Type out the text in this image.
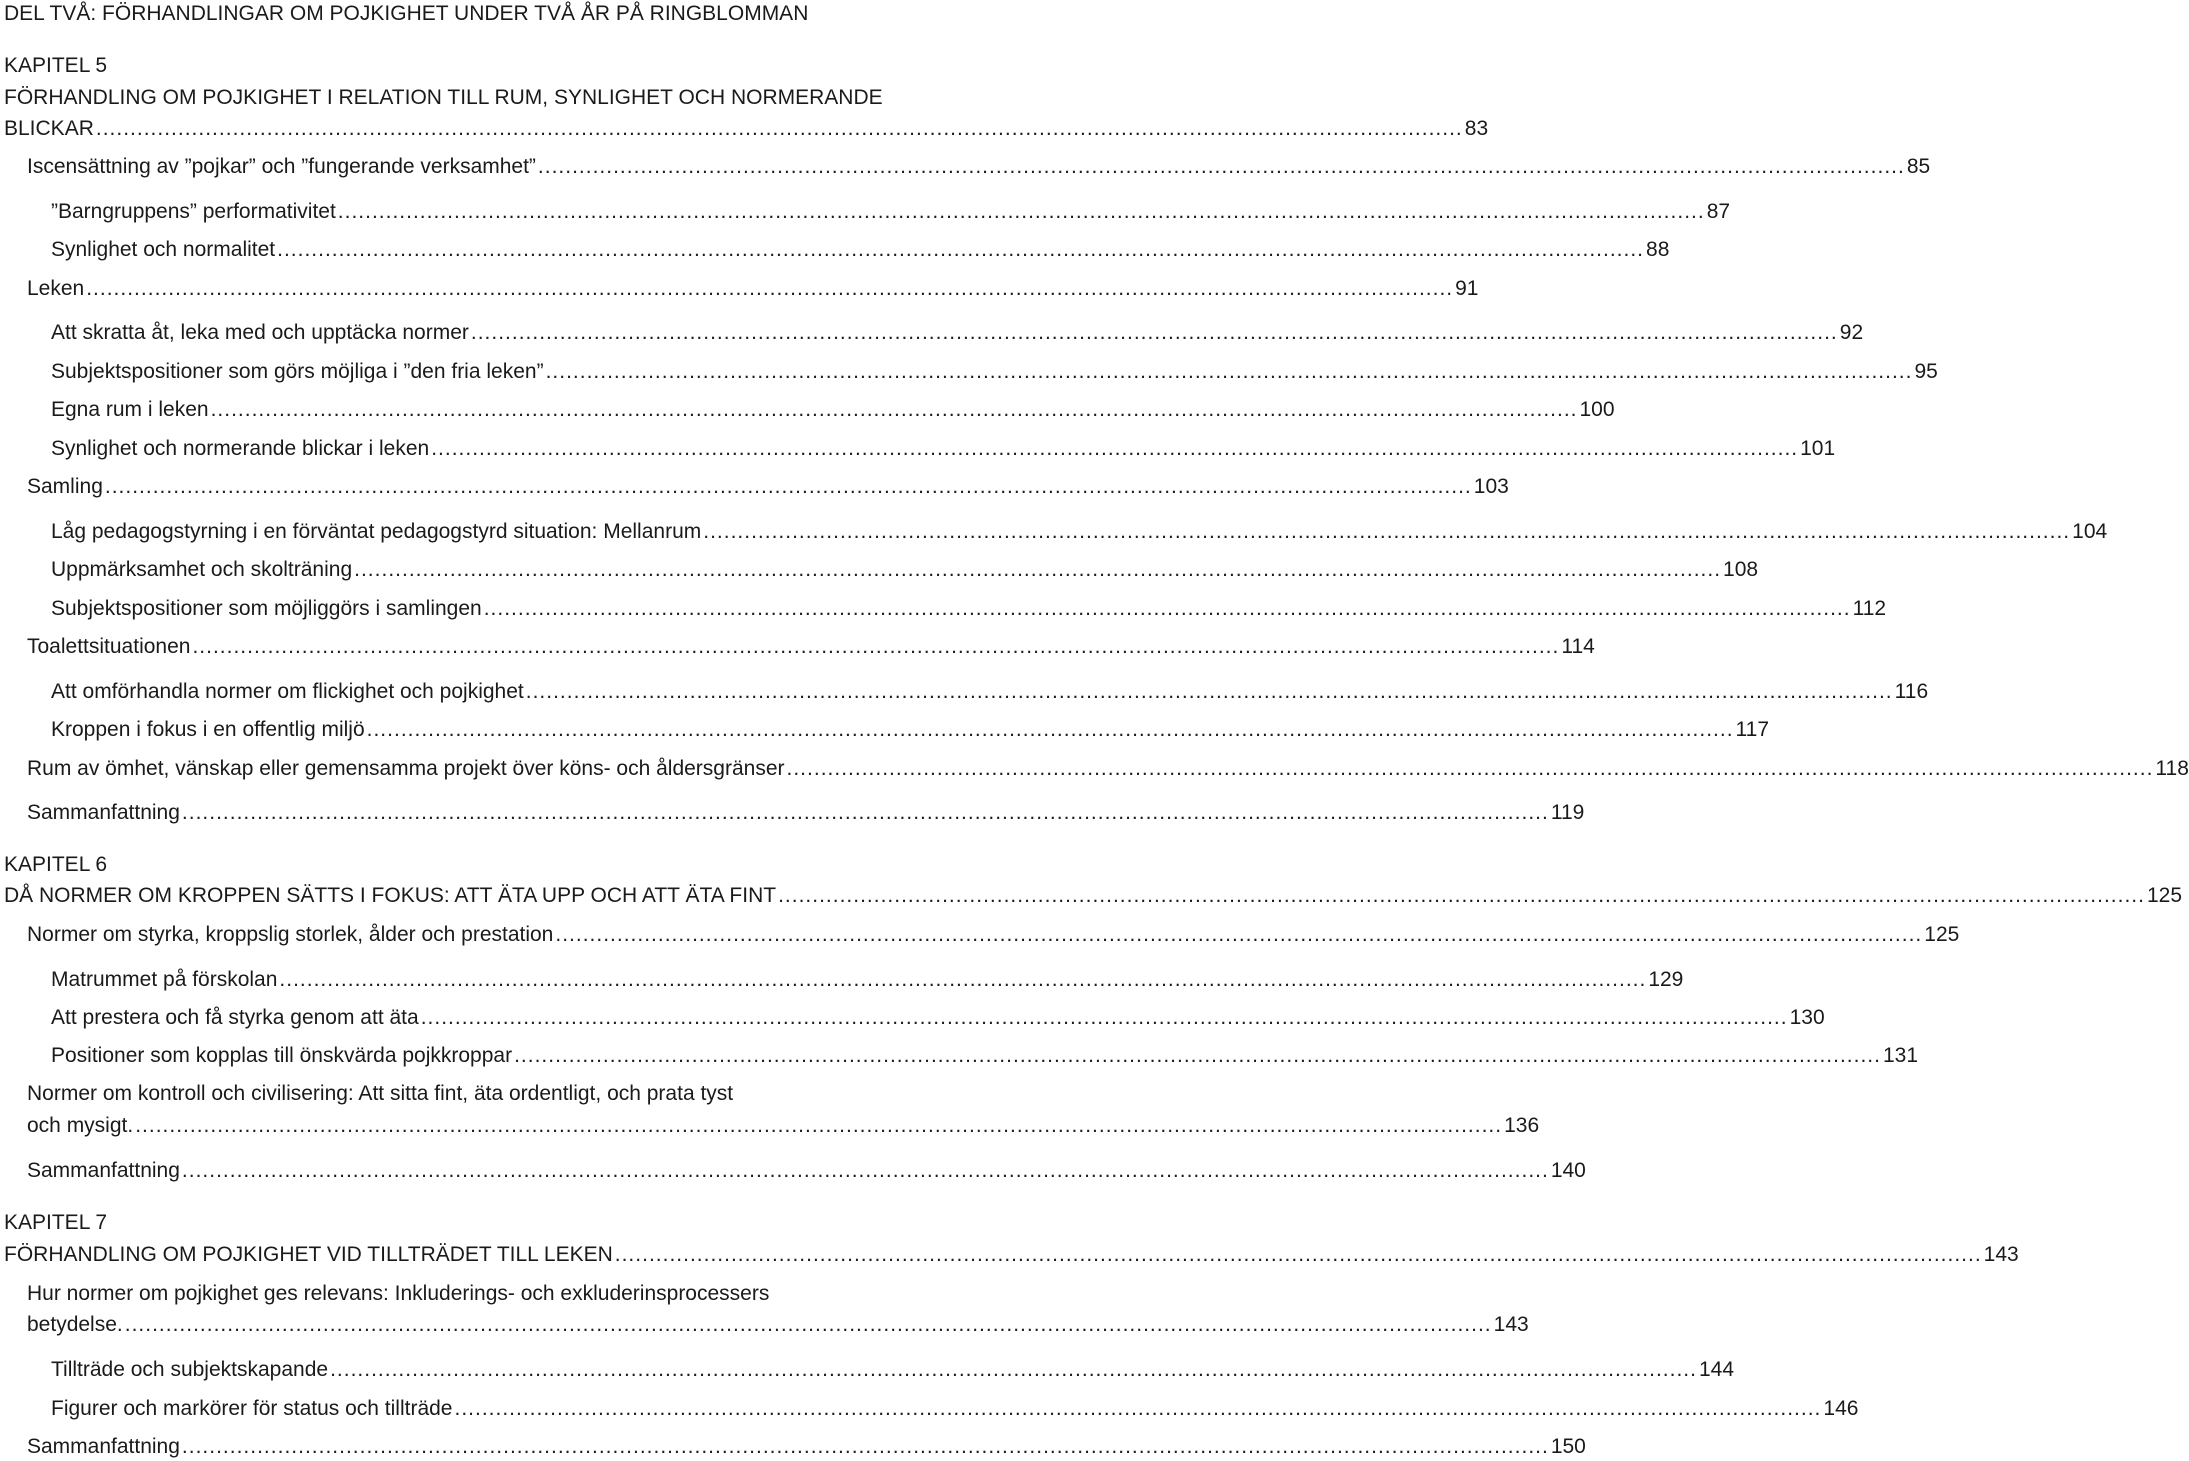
DEL TVÅ: FÖRHANDLINGAR OM POJKIGHET UNDER TVÅ ÅR PÅ RINGBLOMMAN
KAPITEL 5
FÖRHANDLING OM POJKIGHET I RELATION TILL RUM, SYNLIGHET OCH NORMERANDE
BLICKAR ........................................................................................................................................................................................................ 83
Iscensättning av ”pojkar” och ”fungerande verksamhet” ........................................................................................................................................................................................................ 85
”Barngruppens” performativitet ........................................................................................................................................................................................................ 87
Synlighet och normalitet ........................................................................................................................................................................................................ 88
Leken ........................................................................................................................................................................................................ 91
Att skratta åt, leka med och upptäcka normer ........................................................................................................................................................................................................ 92
Subjektspositioner som görs möjliga i ”den fria leken” ........................................................................................................................................................................................................ 95
Egna rum i leken ........................................................................................................................................................................................................ 100
Synlighet och normerande blickar i leken ........................................................................................................................................................................................................ 101
Samling ........................................................................................................................................................................................................ 103
Låg pedagogstyrning i en förväntat pedagogstyrd situation: Mellanrum ........................................................................................................................................................................................................ 104
Uppmärksamhet och skolträning ........................................................................................................................................................................................................ 108
Subjektspositioner som möjliggörs i samlingen ........................................................................................................................................................................................................ 112
Toalettsituationen ........................................................................................................................................................................................................ 114
Att omförhandla normer om flickighet och pojkighet ........................................................................................................................................................................................................ 116
Kroppen i fokus i en offentlig miljö ........................................................................................................................................................................................................ 117
Rum av ömhet, vänskap eller gemensamma projekt över köns- och åldersgränser ........................................................................................................................................................................................................ 118
Sammanfattning ........................................................................................................................................................................................................ 119
KAPITEL 6
DÅ NORMER OM KROPPEN SÄTTS I FOKUS: ATT ÄTA UPP OCH ATT ÄTA FINT ........................................................................................................................................................................................................ 125
Normer om styrka, kroppslig storlek, ålder och prestation ........................................................................................................................................................................................................ 125
Matrummet på förskolan ........................................................................................................................................................................................................ 129
Att prestera och få styrka genom att äta ........................................................................................................................................................................................................ 130
Positioner som kopplas till önskvärda pojkkroppar ........................................................................................................................................................................................................ 131
Normer om kontroll och civilisering: Att sitta fint, äta ordentligt, och prata tyst
och mysigt. ........................................................................................................................................................................................................ 136
Sammanfattning ........................................................................................................................................................................................................ 140
KAPITEL 7
FÖRHANDLING OM POJKIGHET VID TILLTRÄDET TILL LEKEN ........................................................................................................................................................................................................ 143
Hur normer om pojkighet ges relevans: Inkluderings- och exkluderinsprocessers
betydelse. ........................................................................................................................................................................................................ 143
Tillträde och subjektskapande ........................................................................................................................................................................................................ 144
Figurer och markörer för status och tillträde ........................................................................................................................................................................................................ 146
Sammanfattning ........................................................................................................................................................................................................ 150
